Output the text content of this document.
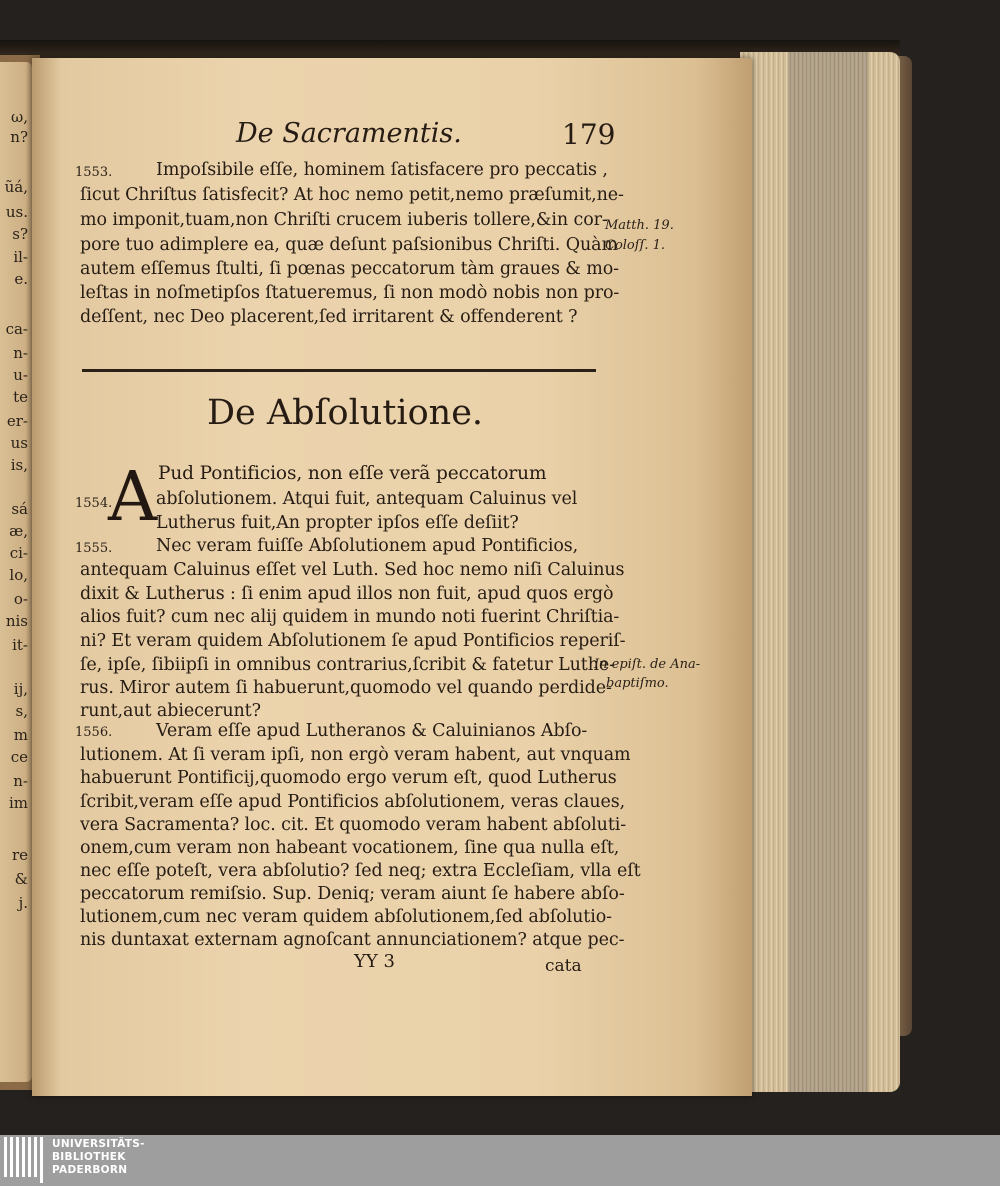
ω,
n?
ũá,
us.
s?
il-
e.
ca-
n-
u-
te
er-
us
is,
sá
æ,
ci-
lo,
o-
nis
it-
ij,
s,
m
ce
n-
im
re
&
j.
De Sacramentis.	179
1553.	Impoſsibile eſſe, hominem ſatisfacere pro peccatis ,
ſicut Chriſtus ſatisfecit? At hoc nemo petit,nemo præſumit,ne-
mo imponit,tuam,non Chriſti crucem iuberis tollere,&in cor-
pore tuo adimplere ea, quæ deſunt paſsionibus Chriſti. Quàm
autem eſſemus ſtulti, ſi pœnas peccatorum tàm graues & mo-
leſtas in noſmetipſos ſtatueremus, ſi non modò nobis non pro-
deſſent, nec Deo placerent,ſed irritarent & offenderent ?
Matth. 19.
Coloſſ. 1.
De Abſolutione.
1554.
A Pud Pontificios, non eſſe verã peccatorum
abſolutionem. Atqui fuit, antequam Caluinus vel
Lutherus fuit,An propter ipſos eſſe deſiit?
1555.	Nec veram fuiſſe Abſolutionem apud Pontificios,
antequam Caluinus eſſet vel Luth. Sed hoc nemo niſi Caluinus
dixit & Lutherus : ſi enim apud illos non fuit, apud quos ergò
alios fuit? cum nec alij quidem in mundo noti fuerint Chriſtia-
ni? Et veram quidem Abſolutionem ſe apud Pontificios reperiſ-
ſe, ipſe, ſibiipſi in omnibus contrarius,ſcribit & fatetur Luthe-
rus. Miror autem ſi habuerunt,quomodo vel quando perdide-
runt,aut abiecerunt?
In epiſt. de Ana-
baptiſmo.
1556.	Veram eſſe apud Lutheranos & Caluinianos Abſo-
lutionem. At ſi veram ipſi, non ergò veram habent, aut vnquam
habuerunt Pontificij,quomodo ergo verum eſt, quod Lutherus
ſcribit,veram eſſe apud Pontificios abſolutionem, veras claues,
vera Sacramenta? loc. cit. Et quomodo veram habent abſoluti-
onem,cum veram non habeant vocationem, ſine qua nulla eſt,
nec eſſe poteſt, vera abſolutio? ſed neq; extra Eccleſiam, vlla eſt
peccatorum remiſsio. Sup. Deniq; veram aiunt ſe habere abſo-
lutionem,cum nec veram quidem abſolutionem,ſed abſolutio-
nis duntaxat externam agnoſcant annunciationem? atque pec-
YY 3	cata
UNIVERSITÄTS-
BIBLIOTHEK
PADERBORN
